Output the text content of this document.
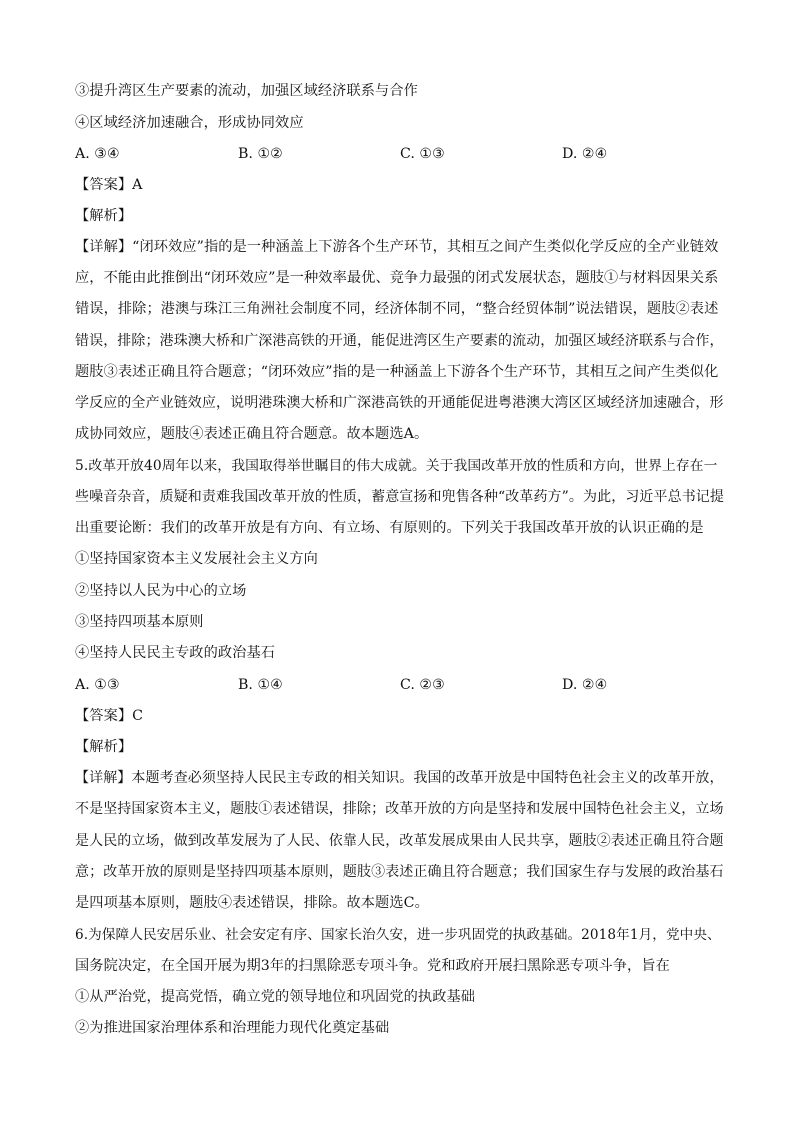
③提升湾区生产要素的流动，加强区域经济联系与合作
④区域经济加速融合，形成协同效应
A. ③④	B. ①②	C. ①③	D. ②④
【答案】A
【解析】
【详解】“闭环效应”指的是一种涵盖上下游各个生产环节，其相互之间产生类似化学反应的全产业链效
应，不能由此推倒出“闭环效应”是一种效率最优、竞争力最强的闭式发展状态，题肢①与材料因果关系
错误，排除；港澳与珠江三角洲社会制度不同，经济体制不同，“整合经贸体制”说法错误，题肢②表述
错误，排除；港珠澳大桥和广深港高铁的开通，能促进湾区生产要素的流动，加强区域经济联系与合作，
题肢③表述正确且符合题意；“闭环效应”指的是一种涵盖上下游各个生产环节，其相互之间产生类似化
学反应的全产业链效应，说明港珠澳大桥和广深港高铁的开通能促进粤港澳大湾区区域经济加速融合，形
成协同效应，题肢④表述正确且符合题意。故本题选A。
5.改革开放40周年以来，我国取得举世瞩目的伟大成就。关于我国改革开放的性质和方向，世界上存在一
些噪音杂音，质疑和责难我国改革开放的性质，蓄意宣扬和兜售各种“改革药方”。为此，习近平总书记提
出重要论断：我们的改革开放是有方向、有立场、有原则的。下列关于我国改革开放的认识正确的是
①坚持国家资本主义发展社会主义方向
②坚持以人民为中心的立场
③坚持四项基本原则
④坚持人民民主专政的政治基石
A. ①③	B. ①④	C. ②③	D. ②④
【答案】C
【解析】
【详解】本题考查必须坚持人民民主专政的相关知识。我国的改革开放是中国特色社会主义的改革开放，
不是坚持国家资本主义，题肢①表述错误，排除；改革开放的方向是坚持和发展中国特色社会主义，立场
是人民的立场，做到改革发展为了人民、依靠人民，改革发展成果由人民共享，题肢②表述正确且符合题
意；改革开放的原则是坚持四项基本原则，题肢③表述正确且符合题意；我们国家生存与发展的政治基石
是四项基本原则，题肢④表述错误，排除。故本题选C。
6.为保障人民安居乐业、社会安定有序、国家长治久安，进一步巩固党的执政基础。2018年1月，党中央、
国务院决定，在全国开展为期3年的扫黑除恶专项斗争。党和政府开展扫黑除恶专项斗争，旨在
①从严治党，提高党悟，确立党的领导地位和巩固党的执政基础
②为推进国家治理体系和治理能力现代化奠定基础
